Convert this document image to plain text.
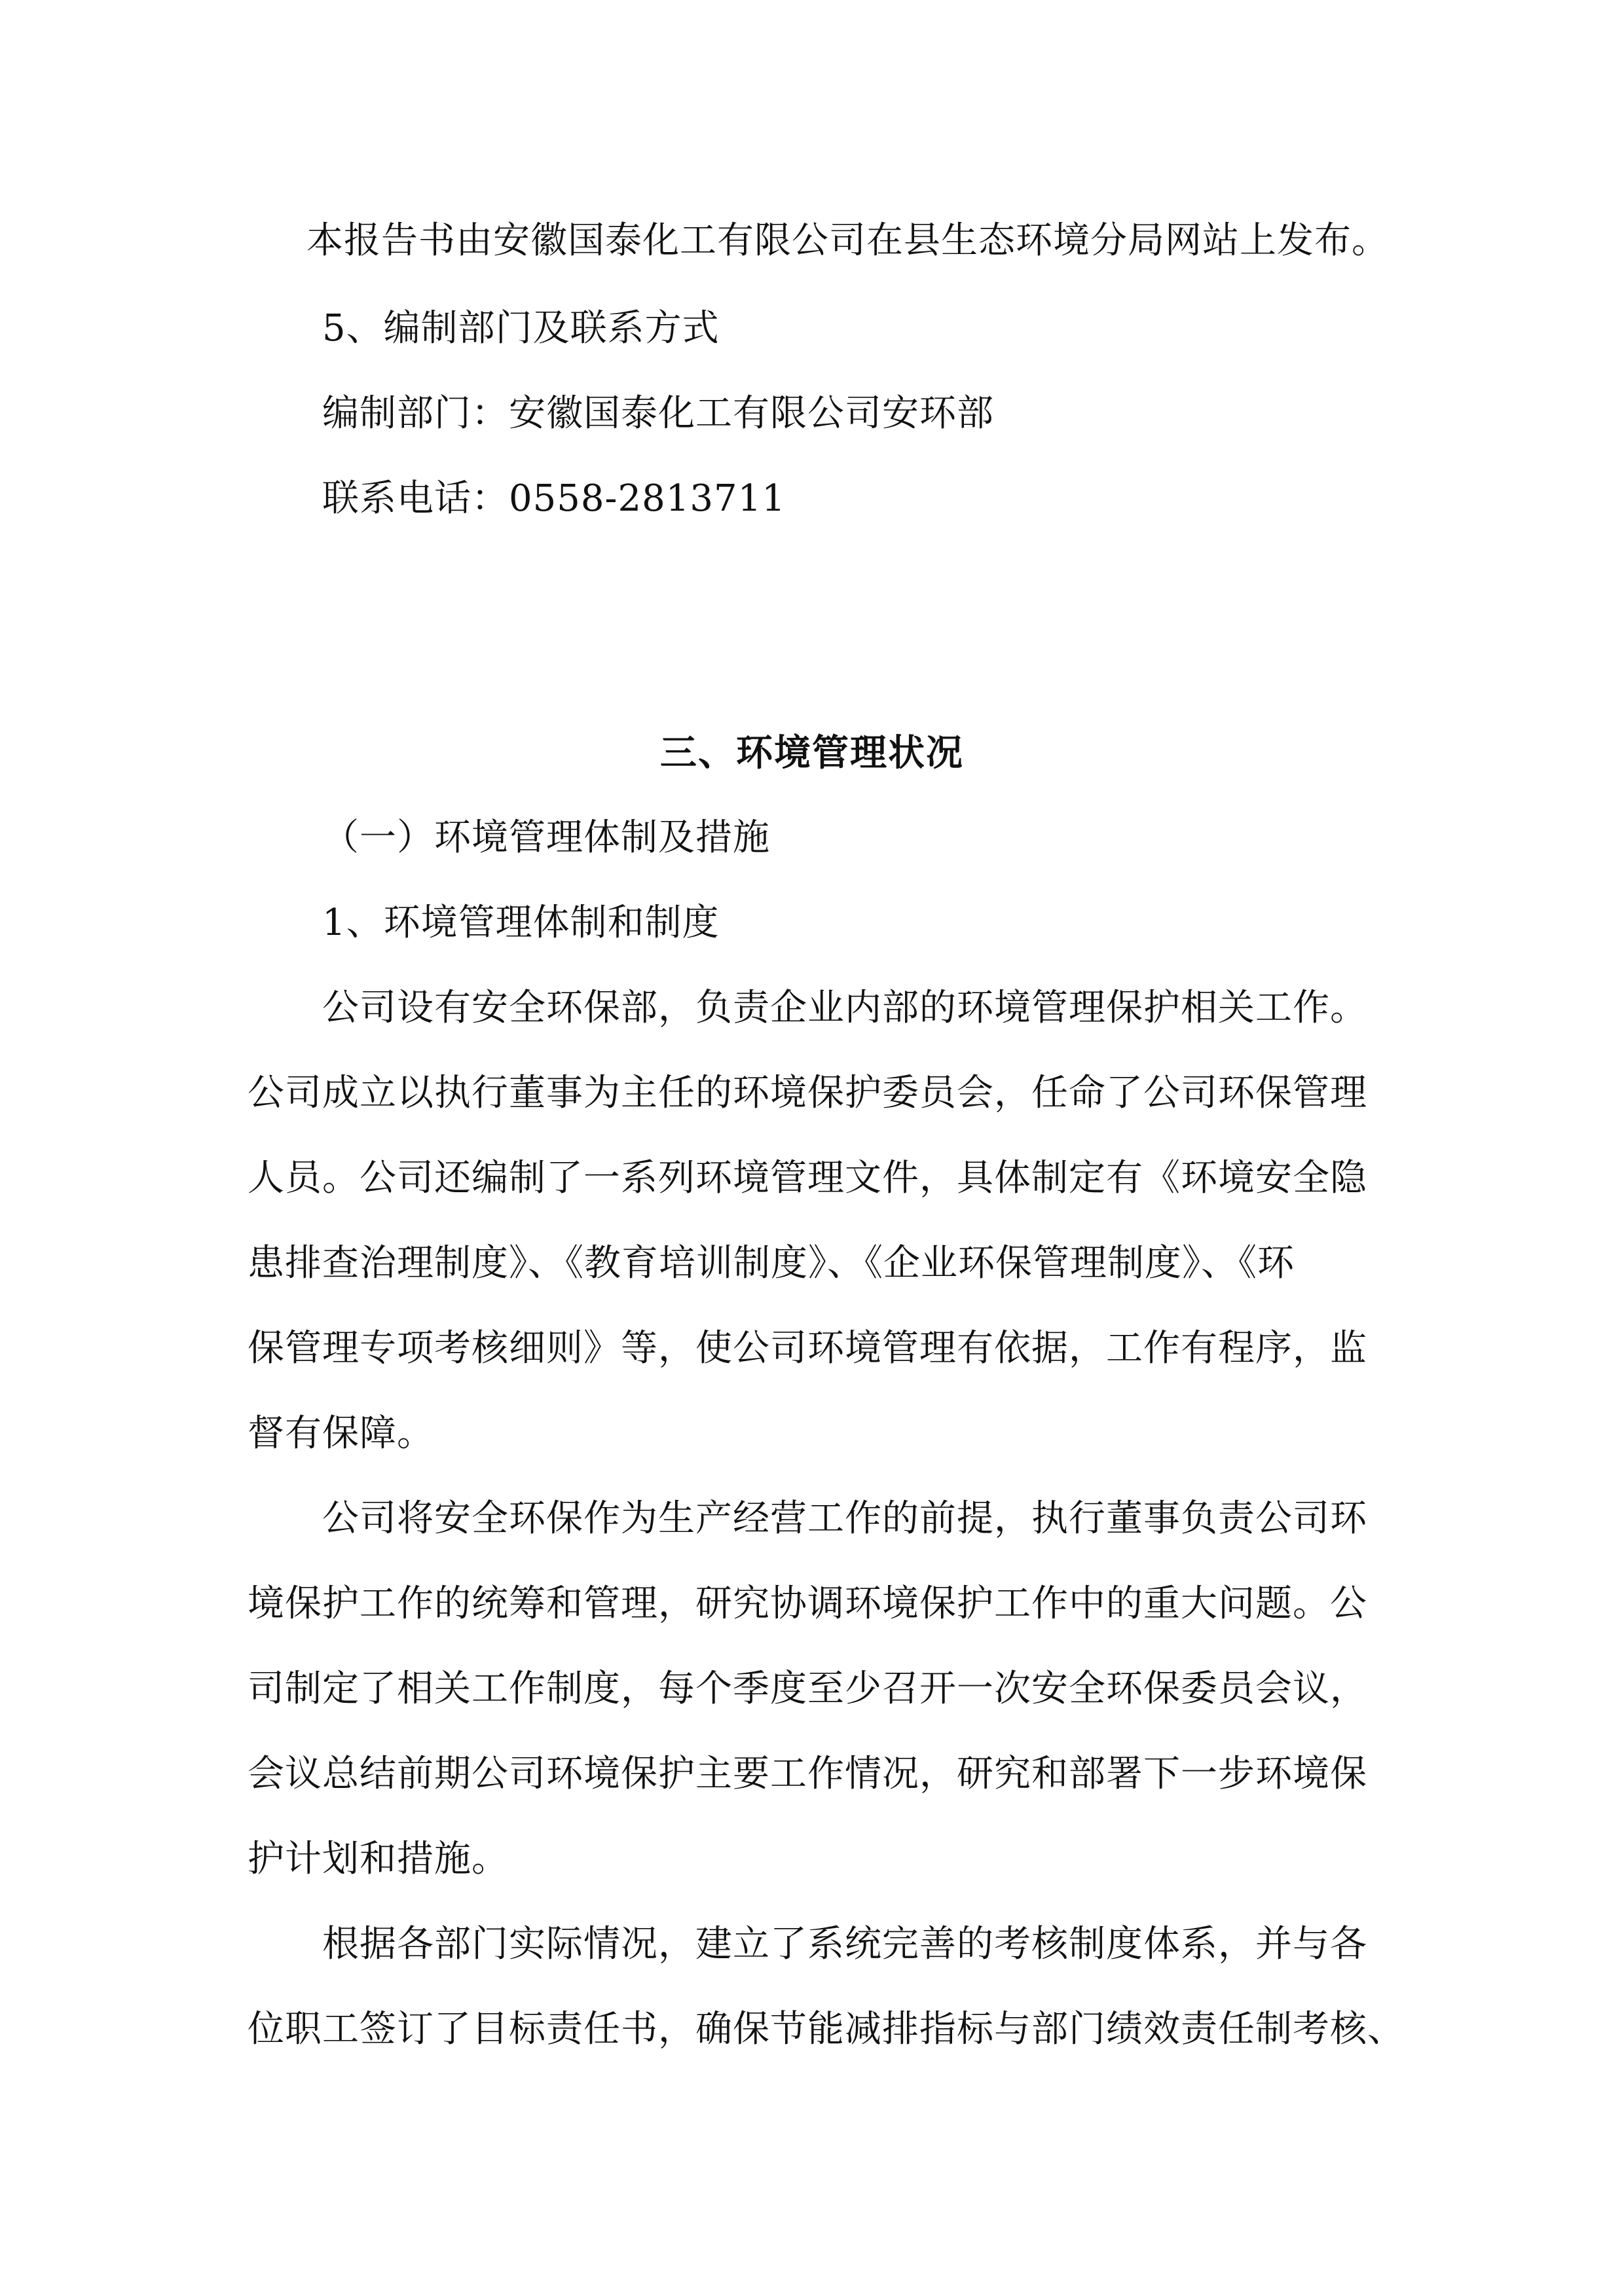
本报告书由安徽国泰化工有限公司在县生态环境分局网站上发布。
5、编制部门及联系方式
编制部门：安徽国泰化工有限公司安环部
联系电话：0558-2813711
三、环境管理状况
（一）环境管理体制及措施
1、环境管理体制和制度
公司设有安全环保部，负责企业内部的环境管理保护相关工作。
公司成立以执行董事为主任的环境保护委员会，任命了公司环保管理
人员。公司还编制了一系列环境管理文件，具体制定有《环境安全隐
患排查治理制度》、《教育培训制度》、《企业环保管理制度》、《环
保管理专项考核细则》等，使公司环境管理有依据，工作有程序，监
督有保障。
公司将安全环保作为生产经营工作的前提，执行董事负责公司环
境保护工作的统筹和管理，研究协调环境保护工作中的重大问题。公
司制定了相关工作制度，每个季度至少召开一次安全环保委员会议，
会议总结前期公司环境保护主要工作情况，研究和部署下一步环境保
护计划和措施。
根据各部门实际情况，建立了系统完善的考核制度体系，并与各
位职工签订了目标责任书，确保节能减排指标与部门绩效责任制考核、
